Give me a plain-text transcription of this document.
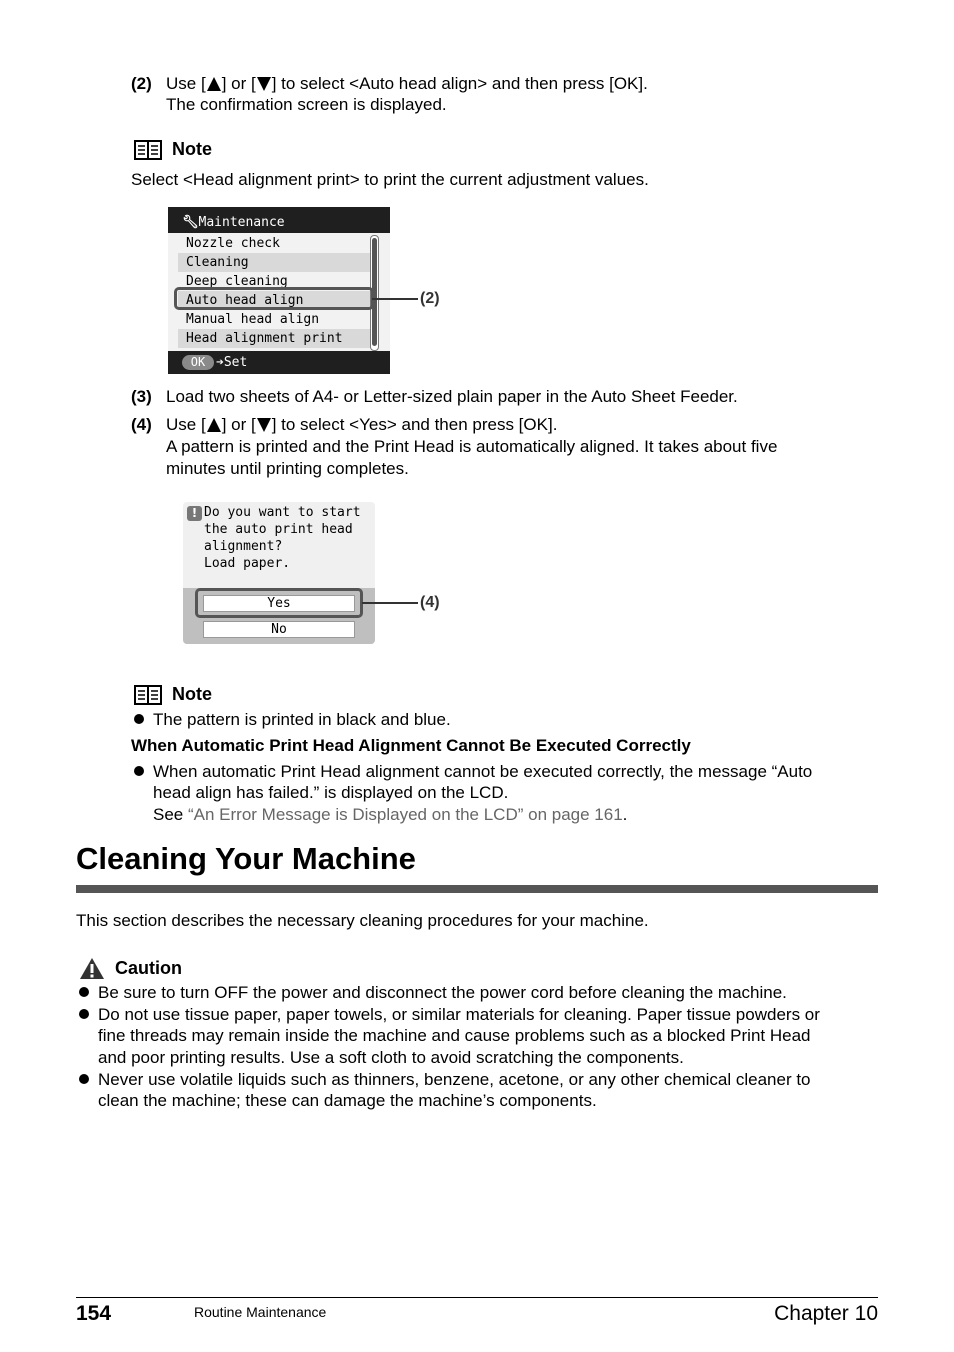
(2) Use [ ] or [ ] to select <Auto head align> and then press [OK].
The confirmation screen is displayed.
Note
Select <Head alignment print> to print the current adjustment values.
🔧︎Maintenance
Nozzle check
Cleaning
Deep cleaning
Auto head align
Manual head align
Head alignment print
OK ➔Set
(2)
(3) Load two sheets of A4- or Letter-sized plain paper in the Auto Sheet Feeder.
(4) Use [ ] or [ ] to select <Yes> and then press [OK].
A pattern is printed and the Print Head is automatically aligned. It takes about five
minutes until printing completes.
! Do you want to start
the auto print head
alignment?
Load paper.
Yes
No
(4)
Note
The pattern is printed in black and blue.
When Automatic Print Head Alignment Cannot Be Executed Correctly
When automatic Print Head alignment cannot be executed correctly, the message “Auto
head align has failed.” is displayed on the LCD.
See “An Error Message is Displayed on the LCD” on page 161.
Cleaning Your Machine
This section describes the necessary cleaning procedures for your machine.
Caution
Be sure to turn OFF the power and disconnect the power cord before cleaning the machine.
Do not use tissue paper, paper towels, or similar materials for cleaning. Paper tissue powders or
fine threads may remain inside the machine and cause problems such as a blocked Print Head
and poor printing results. Use a soft cloth to avoid scratching the components.
Never use volatile liquids such as thinners, benzene, acetone, or any other chemical cleaner to
clean the machine; these can damage the machine’s components.
154	Routine Maintenance	Chapter 10
